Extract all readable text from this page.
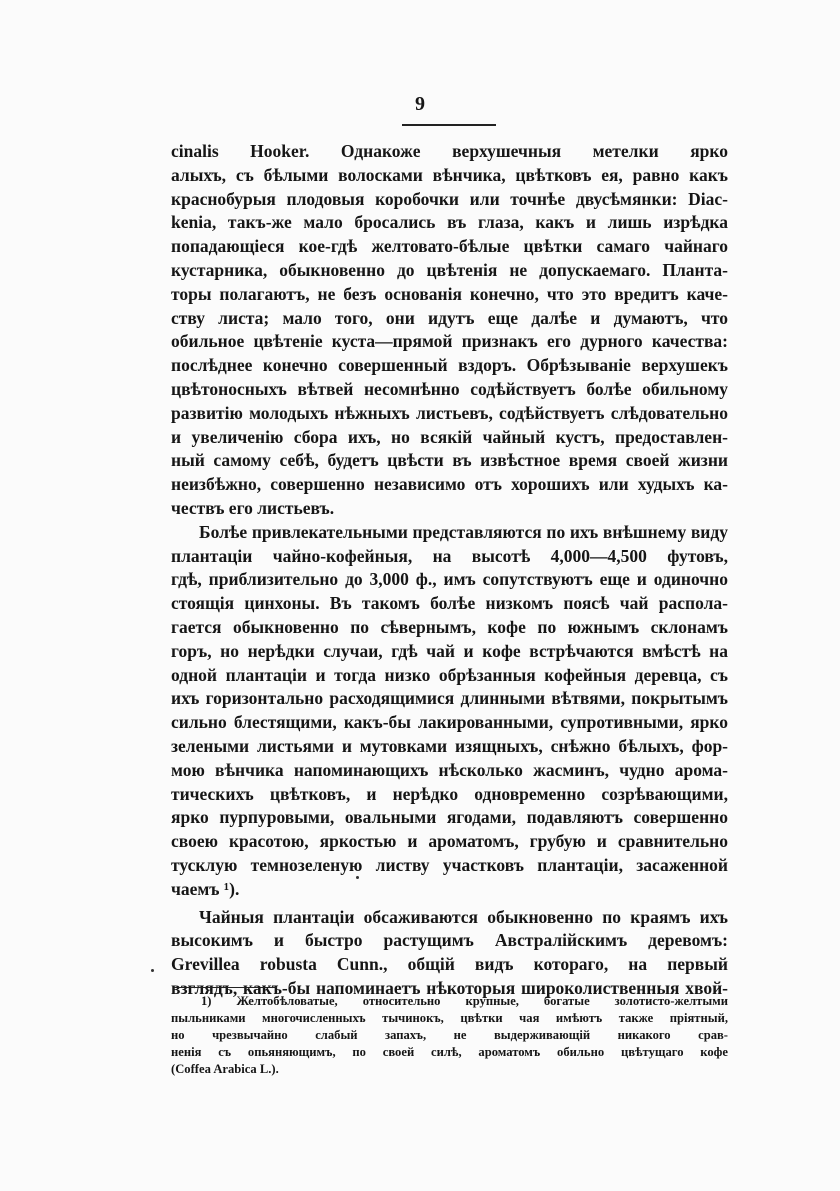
9
cinalis Hooker. Однакожe верхушечныя метелки ярко
алыхъ, съ бѣлыми волосками вѣнчика, цвѣтковъ ея, равно какъ
краснобурыя плодовыя коробочки или точнѣе двусѣмянки: Diac-
kenia, такъ-же мало бросались въ глаза, какъ и лишь изрѣдка
попадающіеся кое-гдѣ желтовато-бѣлые цвѣтки самаго чайнаго
кустарника, обыкновенно до цвѣтенія не допускаемаго. Планта-
торы полагаютъ, не безъ основанія конечно, что это вредитъ каче-
ству листа; мало того, они идутъ еще далѣе и думаютъ, что
обильное цвѣтеніе куста—прямой признакъ его дурного качества:
послѣднее конечно совершенный вздоръ. Обрѣзываніе верхушекъ
цвѣтоносныхъ вѣтвей несомнѣнно содѣйствуетъ болѣе обильному
развитію молодыхъ нѣжныхъ листьевъ, содѣйствуетъ слѣдовательно
и увеличенію сбора ихъ, но всякій чайный кустъ, предоставлен-
ный самому себѣ, будетъ цвѣсти въ извѣстное время своей жизни
неизбѣжно, совершенно независимо отъ хорошихъ или худыхъ ка-
чествъ его листьевъ.
Болѣе привлекательными представляются по ихъ внѣшнему виду
плантаціи чайно-кофейныя, на высотѣ 4,000—4,500 футовъ,
гдѣ, приблизительно до 3,000 ф., имъ сопутствуютъ еще и одиночно
стоящія цинхоны. Въ такомъ болѣе низкомъ поясѣ чай распола-
гается обыкновенно по сѣвернымъ, кофе по южнымъ склонамъ
горъ, но нерѣдки случаи, гдѣ чай и кофе встрѣчаются вмѣстѣ на
одной плантаціи и тогда низко обрѣзанныя кофейныя деревца, съ
ихъ горизонтально расходящимися длинными вѣтвями, покрытымъ
сильно блестящими, какъ-бы лакированными, супротивными, ярко
зелеными листьями и мутовками изящныхъ, снѣжно бѣлыхъ, фор-
мою вѣнчика напоминающихъ нѣсколько жасминъ, чудно арома-
тическихъ цвѣтковъ, и нерѣдко одновременно созрѣвающими,
ярко пурпуровыми, овальными ягодами, подавляютъ совершенно
своею красотою, яркостью и ароматомъ, грубую и сравнительно
тусклую темнозеленую листву участковъ плантаціи, засаженной
чаемъ ¹).
Чайныя плантаціи обсаживаются обыкновенно по краямъ ихъ
высокимъ и быстро растущимъ Австралійскимъ деревомъ:
Grevillea robusta Cunn., общій видъ котораго, на первый
взглядъ, какъ-бы напоминаетъ нѣкоторыя широколиственныя хвой-
1) Желтобѣловатые, относительно крупные, богатые золотисто-желтыми
пыльниками многочисленныхъ тычинокъ, цвѣтки чая имѣютъ также пріятный,
но чрезвычайно слабый запахъ, не выдерживающій никакого срав-
ненія съ опьяняющимъ, по своей силѣ, ароматомъ обильно цвѣтущаго кофе
(Coffea Arabica L.).
